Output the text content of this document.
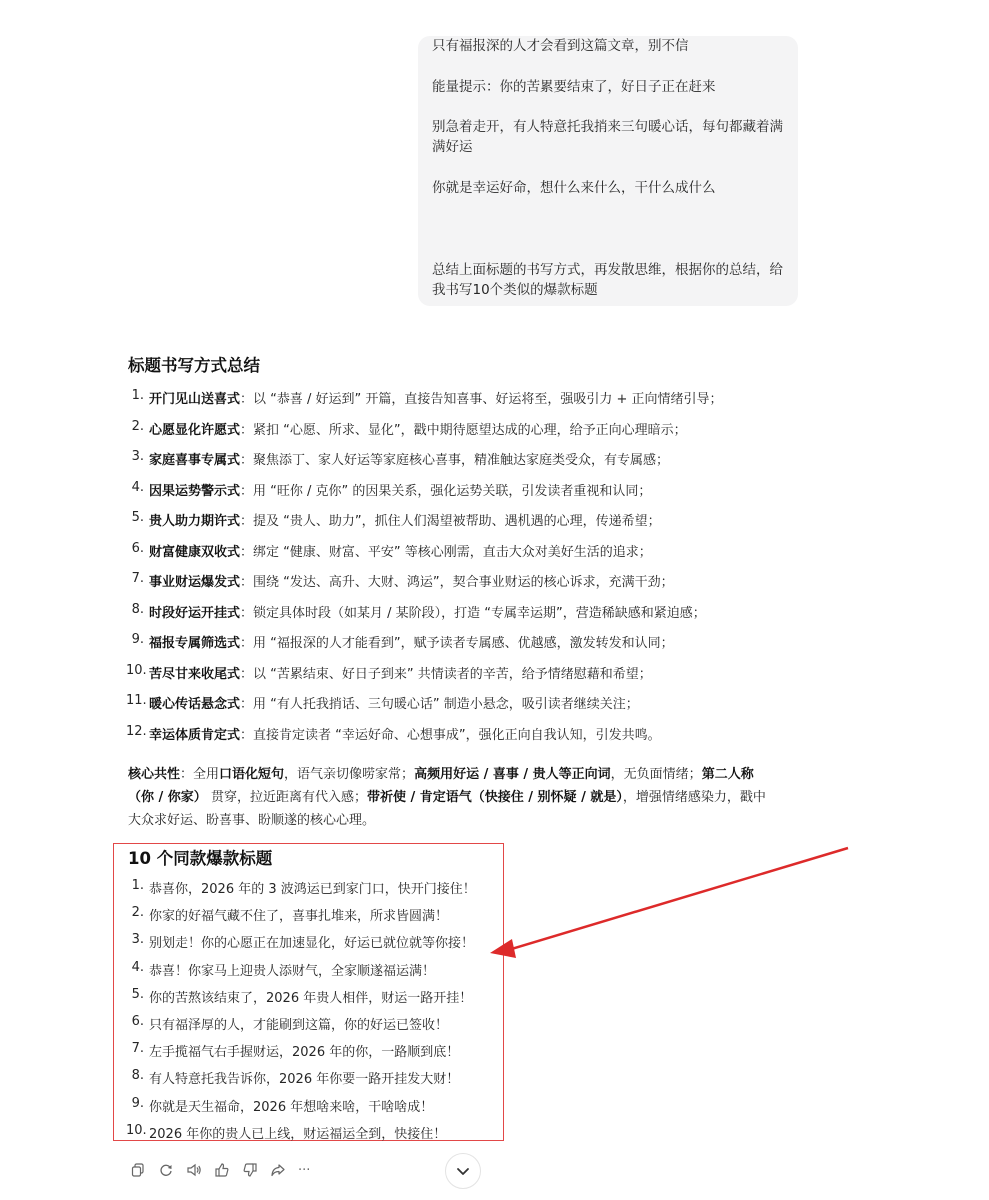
只有福报深的人才会看到这篇文章，别不信

能量提示：你的苦累要结束了，好日子正在赶来

别急着走开，有人特意托我捎来三句暖心话，每句都藏着满

满好运

你就是幸运好命，想什么来什么，干什么成什么

总结上面标题的书写方式，再发散思维，根据你的总结，给

我书写10个类似的爆款标题

标题书写方式总结
1. 开门见山送喜式：以 “恭喜 / 好运到” 开篇，直接告知喜事、好运将至，强吸引力 + 正向情绪引导；
2. 心愿显化许愿式：紧扣 “心愿、所求、显化”，戳中期待愿望达成的心理，给予正向心理暗示；
3. 家庭喜事专属式：聚焦添丁、家人好运等家庭核心喜事，精准触达家庭类受众，有专属感；
4. 因果运势警示式：用 “旺你 / 克你” 的因果关系，强化运势关联，引发读者重视和认同；
5. 贵人助力期许式：提及 “贵人、助力”，抓住人们渴望被帮助、遇机遇的心理，传递希望；
6. 财富健康双收式：绑定 “健康、财富、平安” 等核心刚需，直击大众对美好生活的追求；
7. 事业财运爆发式：围绕 “发达、高升、大财、鸿运”，契合事业财运的核心诉求，充满干劲；
8. 时段好运开挂式：锁定具体时段（如某月 / 某阶段），打造 “专属幸运期”，营造稀缺感和紧迫感；
9. 福报专属筛选式：用 “福报深的人才能看到”，赋予读者专属感、优越感，激发转发和认同；
10. 苦尽甘来收尾式：以 “苦累结束、好日子到来” 共情读者的辛苦，给予情绪慰藉和希望；
11. 暖心传话悬念式：用 “有人托我捎话、三句暖心话” 制造小悬念，吸引读者继续关注；
12. 幸运体质肯定式：直接肯定读者 “幸运好命、心想事成”，强化正向自我认知，引发共鸣。

核心共性：全用口语化短句，语气亲切像唠家常；高频用好运 / 喜事 / 贵人等正向词，无负面情绪；第二人称
（你 / 你家） 贯穿，拉近距离有代入感；带祈使 / 肯定语气（快接住 / 别怀疑 / 就是），增强情绪感染力，戳中
大众求好运、盼喜事、盼顺遂的核心心理。

10 个同款爆款标题
1. 恭喜你，2026 年的 3 波鸿运已到家门口，快开门接住！
2. 你家的好福气藏不住了，喜事扎堆来，所求皆圆满！
3. 别划走！你的心愿正在加速显化，好运已就位就等你接！
4. 恭喜！你家马上迎贵人添财气，全家顺遂福运满！
5. 你的苦熬该结束了，2026 年贵人相伴，财运一路开挂！
6. 只有福泽厚的人，才能刷到这篇，你的好运已签收！
7. 左手揽福气右手握财运，2026 年的你，一路顺到底！
8. 有人特意托我告诉你，2026 年你要一路开挂发大财！
9. 你就是天生福命，2026 年想啥来啥，干啥啥成！
10. 2026 年你的贵人已上线，财运福运全到，快接住！
···
